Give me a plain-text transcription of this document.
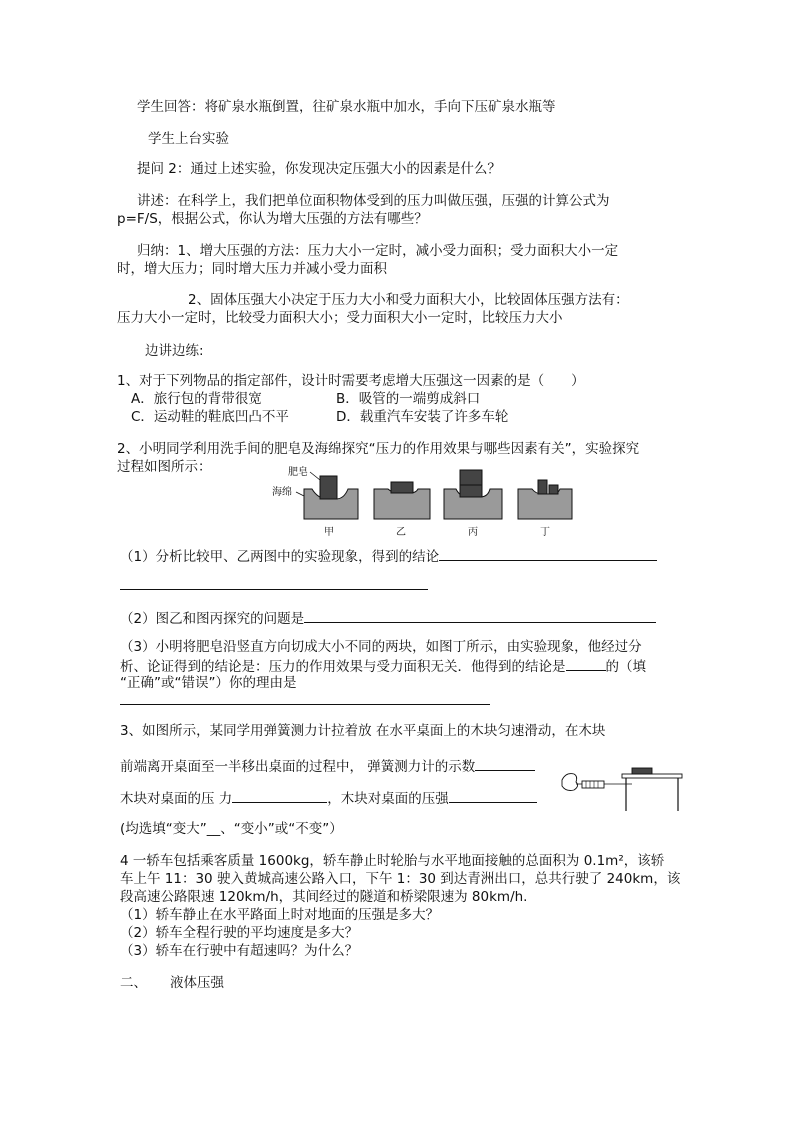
学生回答：将矿泉水瓶倒置，往矿泉水瓶中加水，手向下压矿泉水瓶等
学生上台实验
提问 2：通过上述实验，你发现决定压强大小的因素是什么？
讲述：在科学上，我们把单位面积物体受到的压力叫做压强，压强的计算公式为
p=F/S，根据公式，你认为增大压强的方法有哪些？
归纳：1、增大压强的方法：压力大小一定时，减小受力面积；受力面积大小一定
时，增大压力；同时增大压力并减小受力面积
2、固体压强大小决定于压力大小和受力面积大小，比较固体压强方法有：
压力大小一定时，比较受力面积大小；受力面积大小一定时，比较压力大小
边讲边练:
1、对于下列物品的指定部件，设计时需要考虑增大压强这一因素的是（　　）
A．旅行包的背带很宽	B．吸管的一端剪成斜口
C．运动鞋的鞋底凹凸不平	D．载重汽车安装了许多车轮
2、小明同学利用洗手间的肥皂及海绵探究“压力的作用效果与哪些因素有关”，实验探究
过程如图所示：	肥皂
海绵
甲	乙	丙	丁
（1）分析比较甲、乙两图中的实验现象，得到的结论
（2）图乙和图丙探究的问题是
（3）小明将肥皂沿竖直方向切成大小不同的两块，如图丁所示，由实验现象，他经过分
析、论证得到的结论是：压力的作用效果与受力面积无关．他得到的结论是	的（填
“正确”或“错误”）你的理由是
3、如图所示，某同学用弹簧测力计拉着放 在水平桌面上的木块匀速滑动，在木块
前端离开桌面至一半移出桌面的过程中， 弹簧测力计的示数
木块对桌面的压 力	，木块对桌面的压强
(均选填“变大”__、“变小”或“不变”）
4 一轿车包括乘客质量 1600kg，轿车静止时轮胎与水平地面接触的总面积为 0.1m²，该轿
车上午 11：30 驶入黄城高速公路入口，下午 1：30 到达青洲出口，总共行驶了 240km，该
段高速公路限速 120km/h，其间经过的隧道和桥梁限速为 80km/h.
（1）轿车静止在水平路面上时对地面的压强是多大？
（2）轿车全程行驶的平均速度是多大？
（3）轿车在行驶中有超速吗？为什么？
二、 液体压强
